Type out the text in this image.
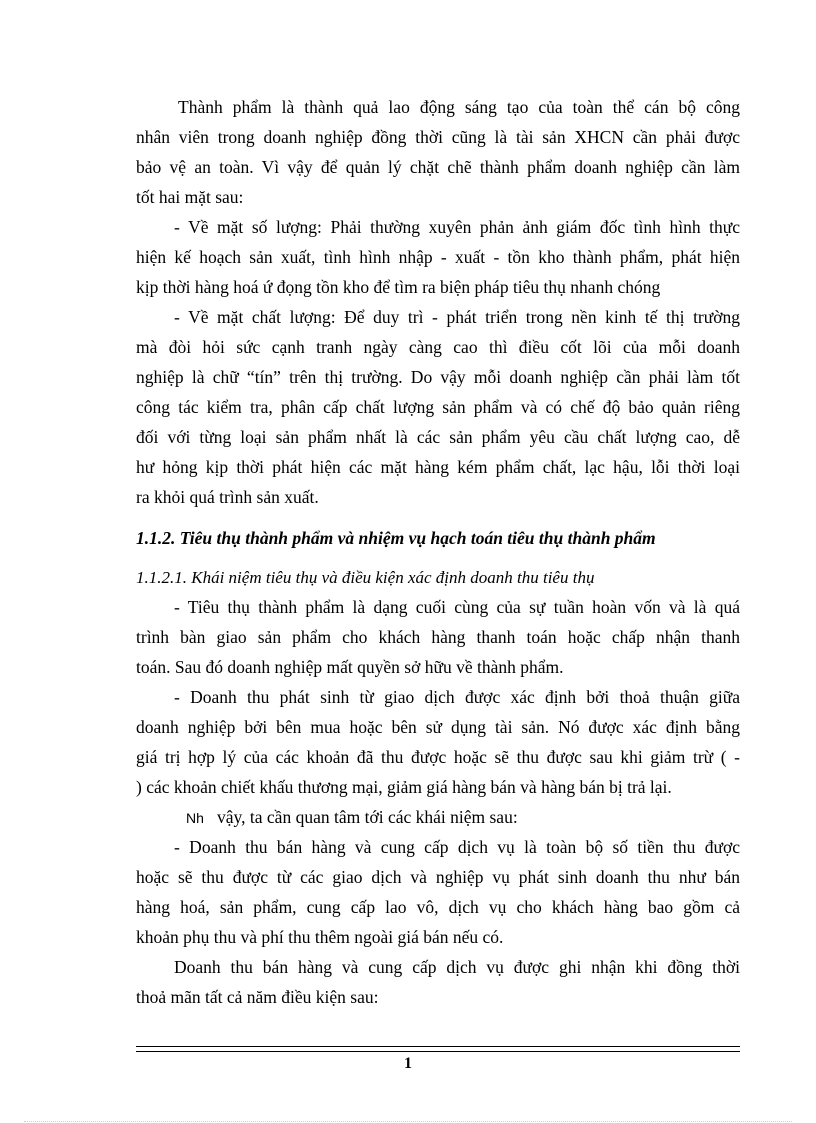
Thành phẩm là thành quả lao động sáng tạo của toàn thể cán bộ công
nhân viên trong doanh nghiệp đồng thời cũng là tài sản XHCN cần phải được
bảo vệ an toàn. Vì vậy để quản lý chặt chẽ thành phẩm doanh nghiệp cần làm
tốt hai mặt sau:
- Về mặt số lượng: Phải thường xuyên phản ảnh giám đốc tình hình thực
hiện kế hoạch sản xuất, tình hình nhập - xuất - tồn kho thành phẩm, phát hiện
kịp thời hàng hoá ứ đọng tồn kho để tìm ra biện pháp tiêu thụ nhanh chóng
- Về mặt chất lượng: Để duy trì - phát triển trong nền kinh tế thị trường
mà đòi hỏi sức cạnh tranh ngày càng cao thì điều cốt lõi của mỗi doanh
nghiệp là chữ “tín” trên thị trường. Do vậy mỗi doanh nghiệp cần phải làm tốt
công tác kiểm tra, phân cấp chất lượng sản phẩm và có chế độ bảo quản riêng
đối với từng loại sản phẩm nhất là các sản phẩm yêu cầu chất lượng cao, dễ
hư hỏng kịp thời phát hiện các mặt hàng kém phẩm chất, lạc hậu, lỗi thời loại
ra khỏi quá trình sản xuất.
1.1.2. Tiêu thụ thành phẩm và nhiệm vụ hạch toán tiêu thụ thành phẩm
1.1.2.1. Khái niệm tiêu thụ và điều kiện xác định doanh thu tiêu thụ
- Tiêu thụ thành phẩm là dạng cuối cùng của sự tuần hoàn vốn và là quá
trình bàn giao sản phẩm cho khách hàng thanh toán hoặc chấp nhận thanh
toán. Sau đó doanh nghiệp mất quyền sở hữu về thành phẩm.
- Doanh thu phát sinh từ giao dịch được xác định bởi thoả thuận giữa
doanh nghiệp bởi bên mua hoặc bên sử dụng tài sản. Nó được xác định bằng
giá trị hợp lý của các khoản đã thu được hoặc sẽ thu được sau khi giảm trừ ( -
) các khoản chiết khấu thương mại, giảm giá hàng bán và hàng bán bị trả lại.
Nh vậy, ta cần quan tâm tới các khái niệm sau:
- Doanh thu bán hàng và cung cấp dịch vụ là toàn bộ số tiền thu được
hoặc sẽ thu được từ các giao dịch và nghiệp vụ phát sinh doanh thu như bán
hàng hoá, sản phẩm, cung cấp lao vô, dịch vụ cho khách hàng bao gồm cả
khoản phụ thu và phí thu thêm ngoài giá bán nếu có.
Doanh thu bán hàng và cung cấp dịch vụ được ghi nhận khi đồng thời
thoả mãn tất cả năm điều kiện sau:
1
